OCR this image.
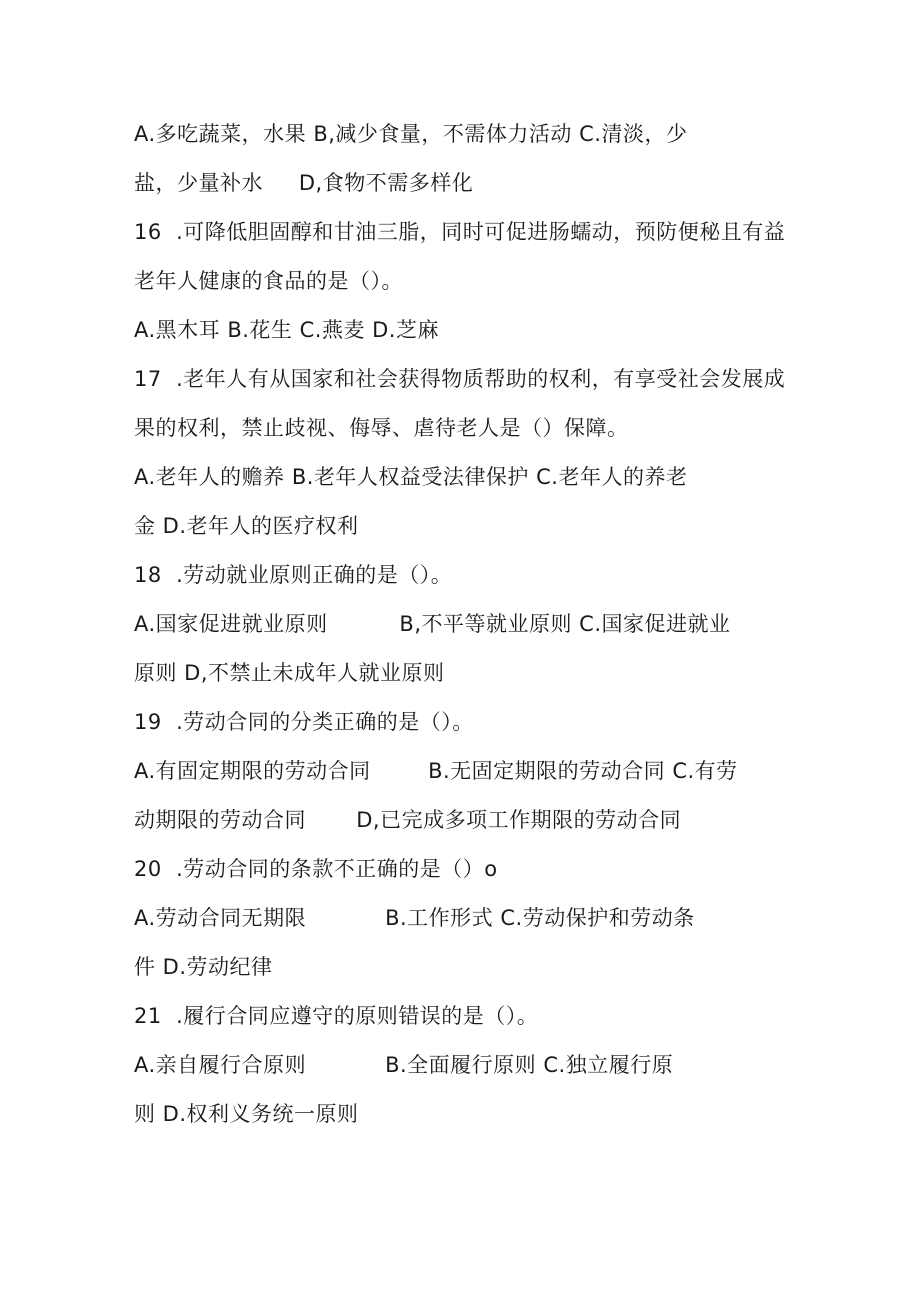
A.多吃蔬菜，水果 B,减少食量，不需体力活动 C.清淡，少
盐，少量补水     D,食物不需多样化
16  .可降低胆固醇和甘油三脂，同时可促进肠蠕动，预防便秘且有益
老年人健康的食品的是（）。
A.黑木耳 B.花生 C.燕麦 D.芝麻
17  .老年人有从国家和社会获得物质帮助的权利，有享受社会发展成
果的权利，禁止歧视、侮辱、虐待老人是（）保障。
A.老年人的赡养 B.老年人权益受法律保护 C.老年人的养老
金 D.老年人的医疗权利
18  .劳动就业原则正确的是（）。
A.国家促进就业原则          B,不平等就业原则 C.国家促进就业
原则 D,不禁止未成年人就业原则
19  .劳动合同的分类正确的是（）。
A.有固定期限的劳动合同        B.无固定期限的劳动合同 C.有劳
动期限的劳动合同       D,已完成多项工作期限的劳动合同
20  .劳动合同的条款不正确的是（）o
A.劳动合同无期限           B.工作形式 C.劳动保护和劳动条
件 D.劳动纪律
21  .履行合同应遵守的原则错误的是（）。
A.亲自履行合原则           B.全面履行原则 C.独立履行原
则 D.权利义务统一原则
